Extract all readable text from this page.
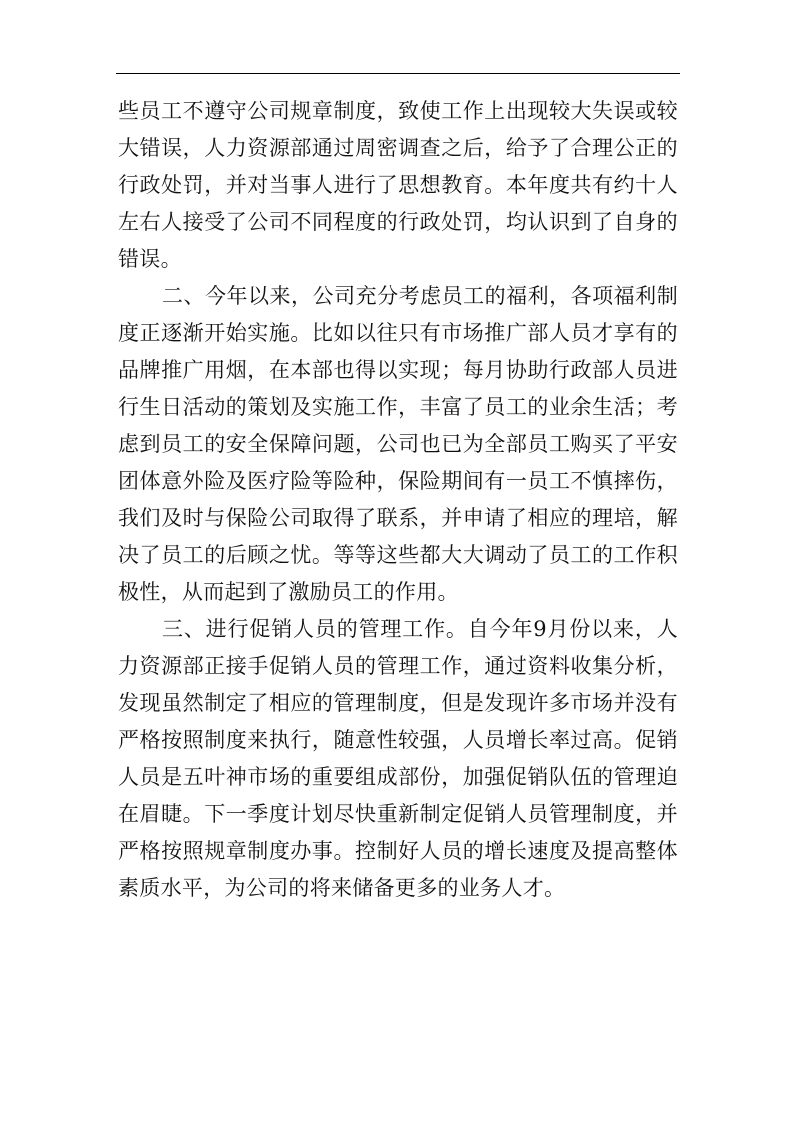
些员工不遵守公司规章制度，致使工作上出现较大失误或较大错误，人力资源部通过周密调查之后，给予了合理公正的行政处罚，并对当事人进行了思想教育。本年度共有约十人左右人接受了公司不同程度的行政处罚，均认识到了自身的错误。

二、今年以来，公司充分考虑员工的福利，各项福利制度正逐渐开始实施。比如以往只有市场推广部人员才享有的品牌推广用烟，在本部也得以实现；每月协助行政部人员进行生日活动的策划及实施工作，丰富了员工的业余生活；考虑到员工的安全保障问题，公司也已为全部员工购买了平安团体意外险及医疗险等险种，保险期间有一员工不慎摔伤，我们及时与保险公司取得了联系，并申请了相应的理培，解决了员工的后顾之忧。等等这些都大大调动了员工的工作积极性，从而起到了激励员工的作用。

三、进行促销人员的管理工作。自今年9月份以来，人力资源部正接手促销人员的管理工作，通过资料收集分析，发现虽然制定了相应的管理制度，但是发现许多市场并没有严格按照制度来执行，随意性较强，人员增长率过高。促销人员是五叶神市场的重要组成部份，加强促销队伍的管理迫在眉睫。下一季度计划尽快重新制定促销人员管理制度，并严格按照规章制度办事。控制好人员的增长速度及提高整体素质水平，为公司的将来储备更多的业务人才。
